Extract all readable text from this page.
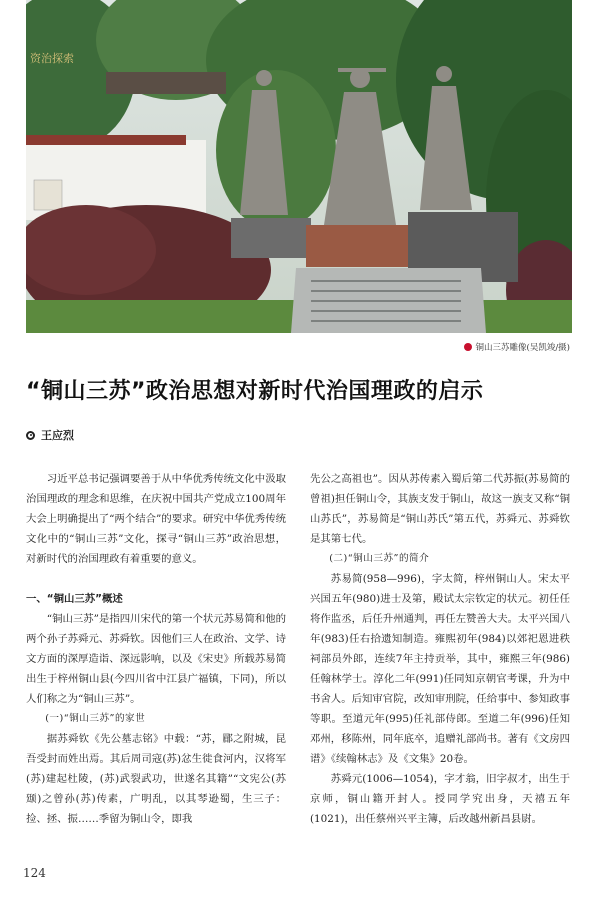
资治探索
铜山三苏雕像(吴凯竣/摄)
“铜山三苏”政治思想对新时代治国理政的启示
王应烈

习近平总书记强调要善于从中华优秀传统文化中汲取治国理政的理念和思维，在庆祝中国共产党成立100周年大会上明确提出了“两个结合”的要求。研究中华优秀传统文化中的“铜山三苏”文化，探寻“铜山三苏”政治思想，对新时代的治国理政有着重要的意义。

一、“铜山三苏”概述

“铜山三苏”是指四川宋代的第一个状元苏易简和他的两个孙子苏舜元、苏舜钦。因他们三人在政治、文学、诗文方面的深厚造诣、深远影响，以及《宋史》所载苏易简出生于梓州铜山县(今四川省中江县广福镇，下同)，所以人们称之为“铜山三苏”。

(一)“铜山三苏”的家世

据苏舜钦《先公墓志铭》中载：“苏，郿之附城，昆吾受封而姓出焉。其后周司寇(苏)忿生徙食河内，汉将军(苏)建起杜陵，(苏)武裂武功，世遂名其籍”“文宪公(苏颋)之曾孙(苏)传素，广明乱，以其琴逊蜀，生三子：捡、拯、振……季留为铜山令，即我

先公之高祖也”。因从苏传素入蜀后第二代苏振(苏易简的曾祖)担任铜山令，其族支发于铜山，故这一族支又称“铜山苏氏”，苏易简是“铜山苏氏”第五代，苏舜元、苏舜钦是其第七代。

(二)“铜山三苏”的简介

苏易简(958—996)，字太简，梓州铜山人。宋太平兴国五年(980)进士及第，殿试太宗钦定的状元。初任任将作监丞，后任升州通判，再任左赞善大夫。太平兴国八年(983)任右拾遗知制造。雍熙初年(984)以郊祀恩进秩祠部员外郎，连续7年主持贡举，其中，雍熙三年(986)任翰林学士。淳化二年(991)任同知京朝官考课，升为中书舍人。后知审官院，改知审刑院，任给事中、参知政事等职。至道元年(995)任礼部侍郎。至道二年(996)任知邓州，移陈州，同年底卒，追赠礼部尚书。著有《文房四谱》《续翰林志》及《文集》20卷。

苏舜元(1006—1054)，字才翁，旧字叔才，出生于京师，铜山籍开封人。授同学究出身，天禧五年(1021)，出任蔡州兴平主簿，后改越州新昌县尉。

124
